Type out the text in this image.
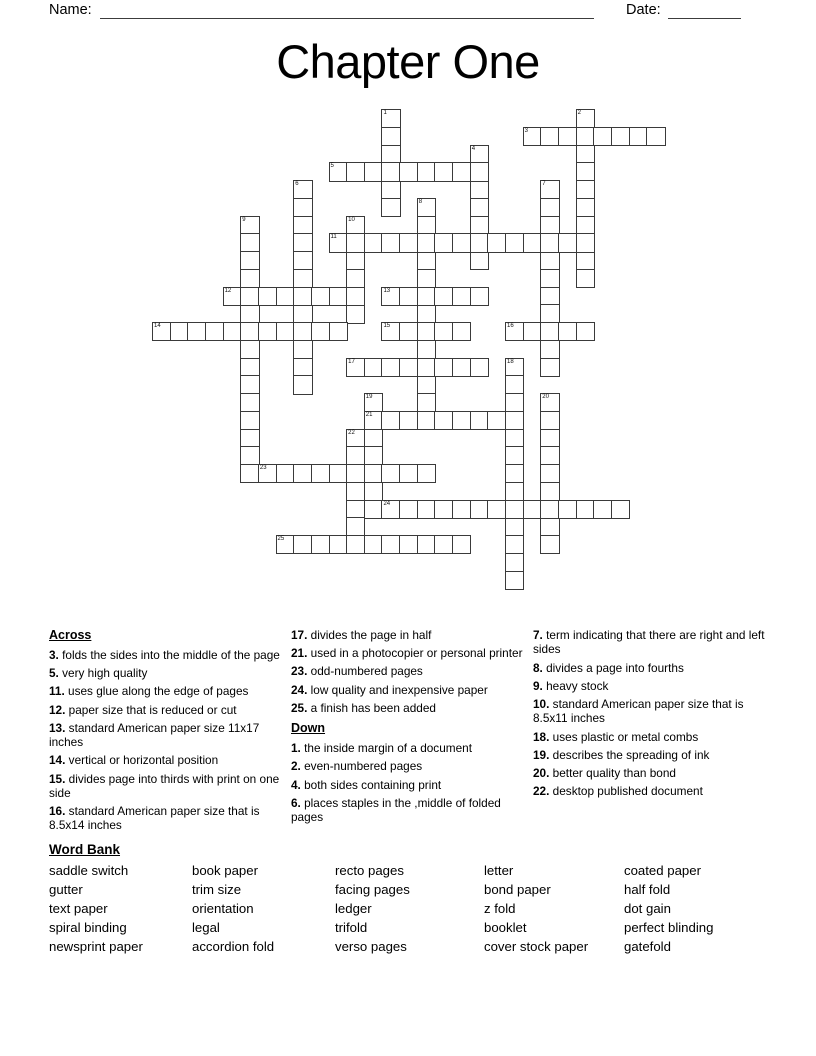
Name:	Date:
Chapter One
1	2
3
4
5
6	7
8
9	10
11
12	13
14	15	16
17	18
19	20
21
22
23
24
25
Across
3. folds the sides into the middle of the page
5. very high quality
11. uses glue along the edge of pages
12. paper size that is reduced or cut
13. standard American paper size 11x17 inches
14. vertical or horizontal position
15. divides page into thirds with print on one side
16. standard American paper size that is 8.5x14 inches
17. divides the page in half
21. used in a photocopier or personal printer
23. odd-numbered pages
24. low quality and inexpensive paper
25. a finish has been added
Down
1. the inside margin of a document
2. even-numbered pages
4. both sides containing print
6. places staples in the ,middle of folded pages
7. term indicating that there are right and left sides
8. divides a page into fourths
9. heavy stock
10. standard American paper size that is 8.5x11 inches
18. uses plastic or metal combs
19. describes the spreading of ink
20. better quality than bond
22. desktop published document
Word Bank
saddle switch
gutter
text paper
spiral binding
newsprint paper
book paper
trim size
orientation
legal
accordion fold
recto pages
facing pages
ledger
trifold
verso pages
letter
bond paper
z fold
booklet
cover stock paper
coated paper
half fold
dot gain
perfect blinding
gatefold
